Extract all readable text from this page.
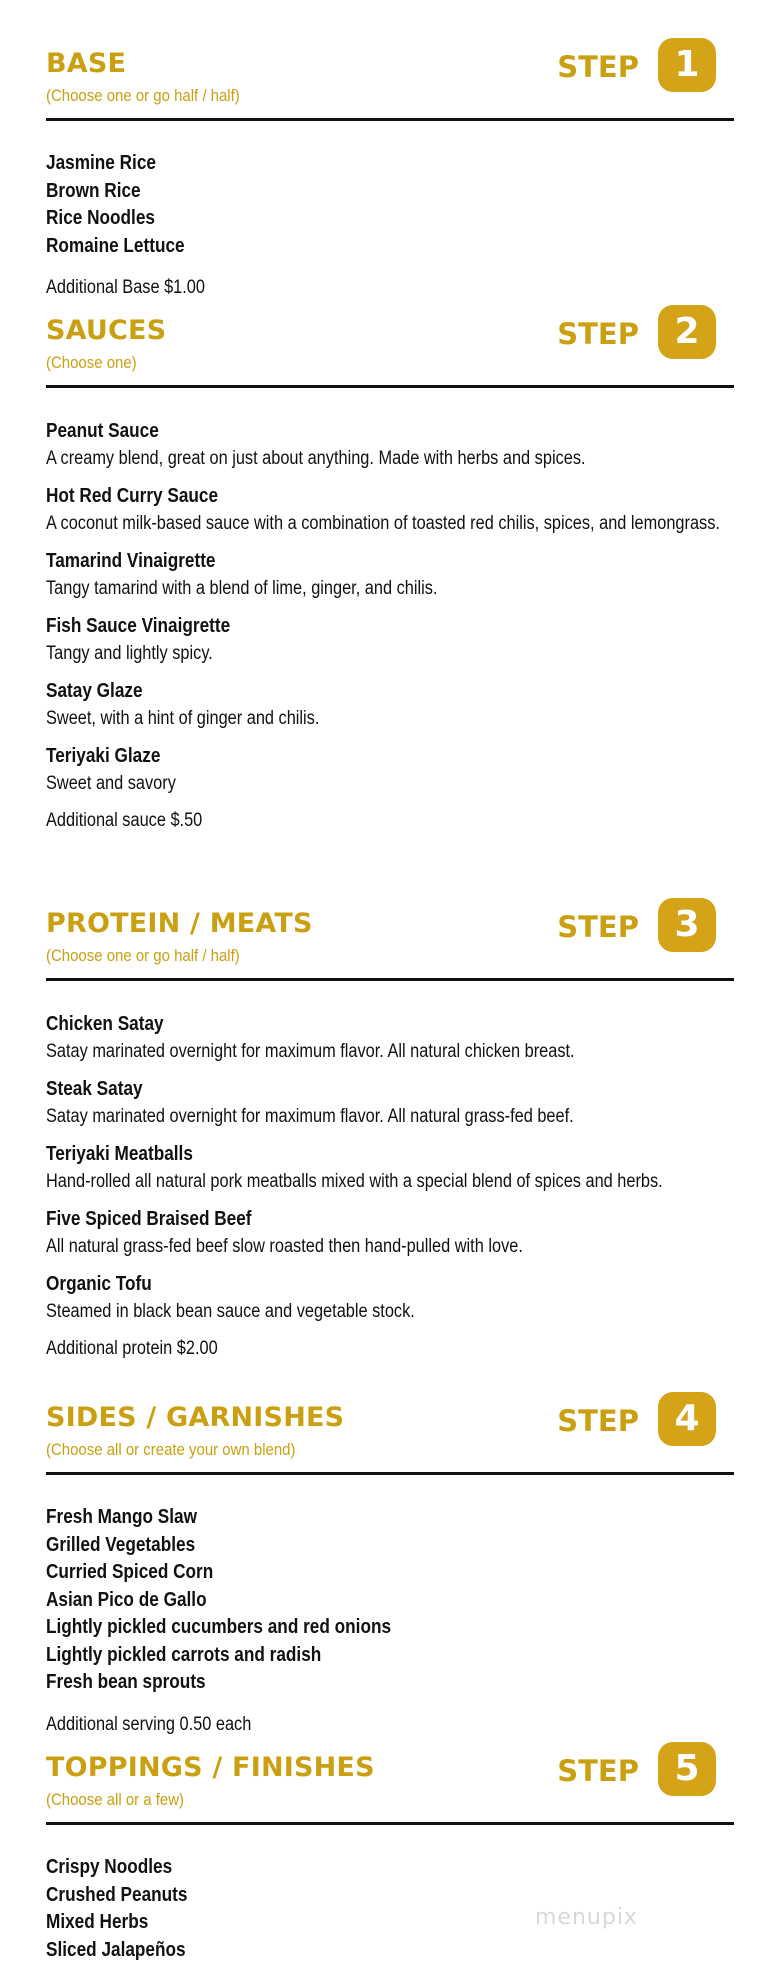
BASE
(Choose one or go half / half)
STEP 1
Jasmine Rice
Brown Rice
Rice Noodles
Romaine Lettuce
Additional Base $1.00
SAUCES
(Choose one)
STEP 2
Peanut Sauce
A creamy blend, great on just about anything. Made with herbs and spices.
Hot Red Curry Sauce
A coconut milk-based sauce with a combination of toasted red chilis, spices, and lemongrass.
Tamarind Vinaigrette
Tangy tamarind with a blend of lime, ginger, and chilis.
Fish Sauce Vinaigrette
Tangy and lightly spicy.
Satay Glaze
Sweet, with a hint of ginger and chilis.
Teriyaki Glaze
Sweet and savory
Additional sauce $.50
PROTEIN / MEATS
(Choose one or go half / half)
STEP 3
Chicken Satay
Satay marinated overnight for maximum flavor. All natural chicken breast.
Steak Satay
Satay marinated overnight for maximum flavor. All natural grass-fed beef.
Teriyaki Meatballs
Hand-rolled all natural pork meatballs mixed with a special blend of spices and herbs.
Five Spiced Braised Beef
All natural grass-fed beef slow roasted then hand-pulled with love.
Organic Tofu
Steamed in black bean sauce and vegetable stock.
Additional protein $2.00
SIDES / GARNISHES
(Choose all or create your own blend)
STEP 4
Fresh Mango Slaw
Grilled Vegetables
Curried Spiced Corn
Asian Pico de Gallo
Lightly pickled cucumbers and red onions
Lightly pickled carrots and radish
Fresh bean sprouts
Additional serving 0.50 each
TOPPINGS / FINISHES
(Choose all or a few)
STEP 5
Crispy Noodles
Crushed Peanuts
Mixed Herbs
Sliced Jalapeños
menupix
